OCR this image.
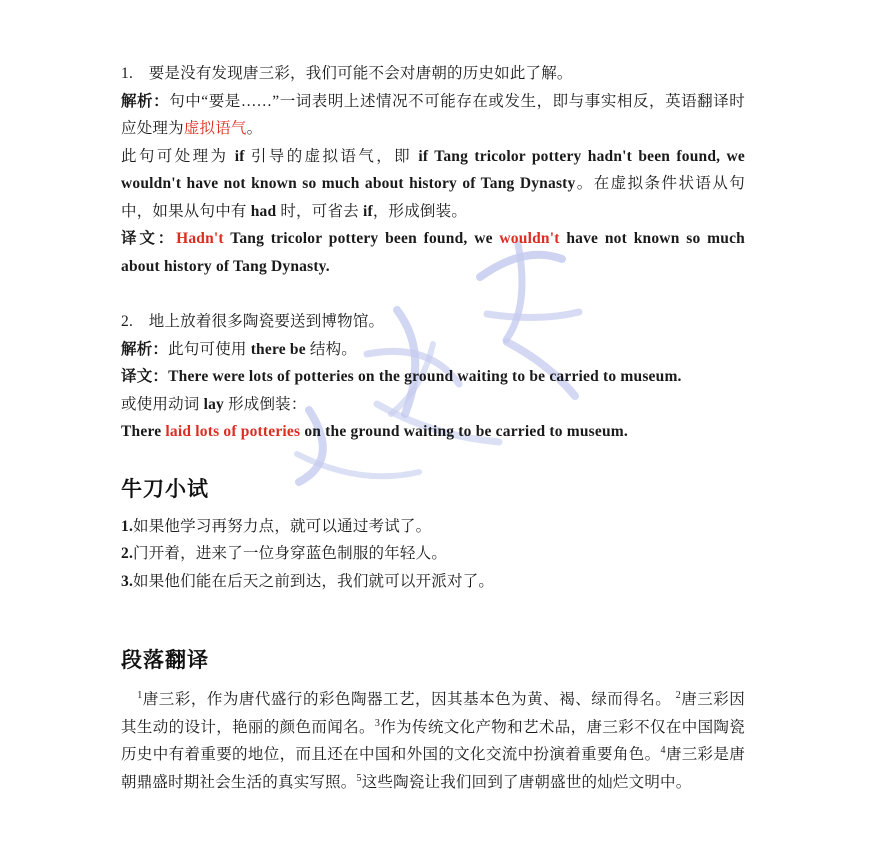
1.　要是没有发现唐三彩，我们可能不会对唐朝的历史如此了解。

解析：句中“要是……”一词表明上述情况不可能存在或发生，即与事实相反，英语翻译时应处理为虚拟语气。

此句可处理为 if 引导的虚拟语气，即 if Tang tricolor pottery hadn't been found, we wouldn't have not known so much about history of Tang Dynasty。在虚拟条件状语从句中，如果从句中有 had 时，可省去 if，形成倒装。

译文：Hadn't Tang tricolor pottery been found, we wouldn't have not known so much about history of Tang Dynasty.

2.　地上放着很多陶瓷要送到博物馆。

解析：此句可使用 there be 结构。

译文：There were lots of potteries on the ground waiting to be carried to museum.

或使用动词 lay 形成倒装：

There laid lots of potteries on the ground waiting to be carried to museum.

牛刀小试

1.如果他学习再努力点，就可以通过考试了。

2.门开着，进来了一位身穿蓝色制服的年轻人。

3.如果他们能在后天之前到达，我们就可以开派对了。

段落翻译

$^1$唐三彩，作为唐代盛行的彩色陶器工艺，因其基本色为黄、褐、绿而得名。 $^2$唐三彩因其生动的设计，艳丽的颜色而闻名。$^3$作为传统文化产物和艺术品，唐三彩不仅在中国陶瓷历史中有着重要的地位，而且还在中国和外国的文化交流中扮演着重要角色。$^4$唐三彩是唐朝鼎盛时期社会生活的真实写照。$^5$这些陶瓷让我们回到了唐朝盛世的灿烂文明中。
